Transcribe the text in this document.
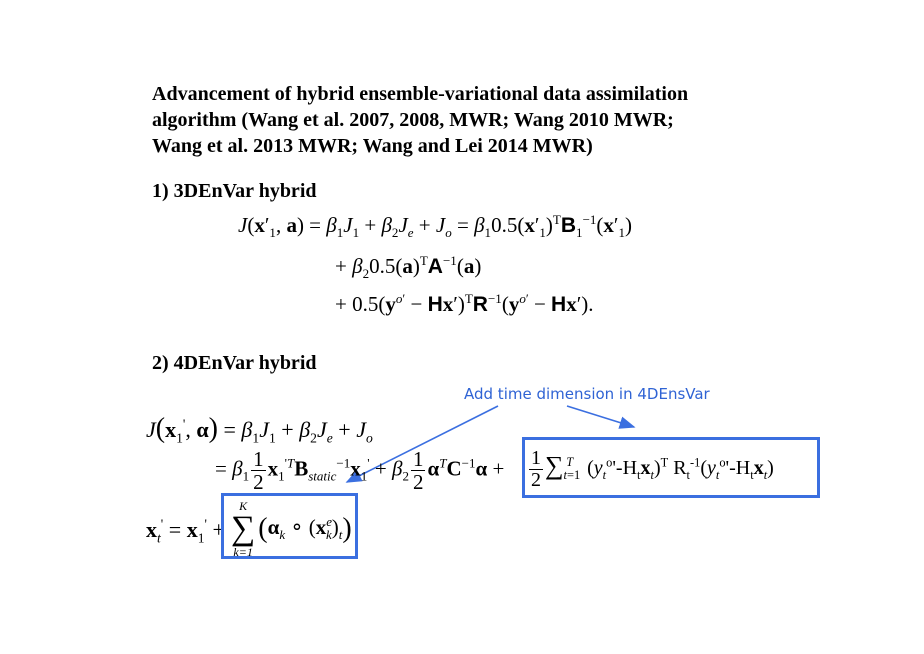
Advancement of hybrid ensemble-variational data assimilation
algorithm (Wang et al. 2007, 2008, MWR; Wang 2010 MWR;
Wang et al. 2013 MWR; Wang and Lei 2014 MWR)
1) 3DEnVar hybrid
$J(x'_1$, $a) = \beta_1J_1 + \beta_2J_e + J_o = \beta_10.5(x'_1)^TB_1^{-1}(x'_1)$
+ $\beta_20.5(a)^TA^{-1}(a)$
+ $0.5(y^{o'} - Hx')^TR^{-1}(y^{o'} - Hx')$.
2) 4DEnVar hybrid
Add time dimension in 4DEnsVar
$J(x_1'$, $\alpha) = \beta_1J_1 + \beta_2J_e + J_o$
= $\beta_1 \frac{1}{2} x_1^{'T}B_{static}^{-1}x_1' + \beta_2 \frac{1}{2} \alpha^TC^{-1}\alpha + \frac{1}{2} \sum_{t=1}^T$ $(y_t^o'-H_tx_t)^T$ $R_t^{-1}(y_t^o'-H_tx_t)$
$x_t' = x_1'$ +
K
∑
k=1
($\alpha_k$ ∘ $(x^e_k)_t$)
